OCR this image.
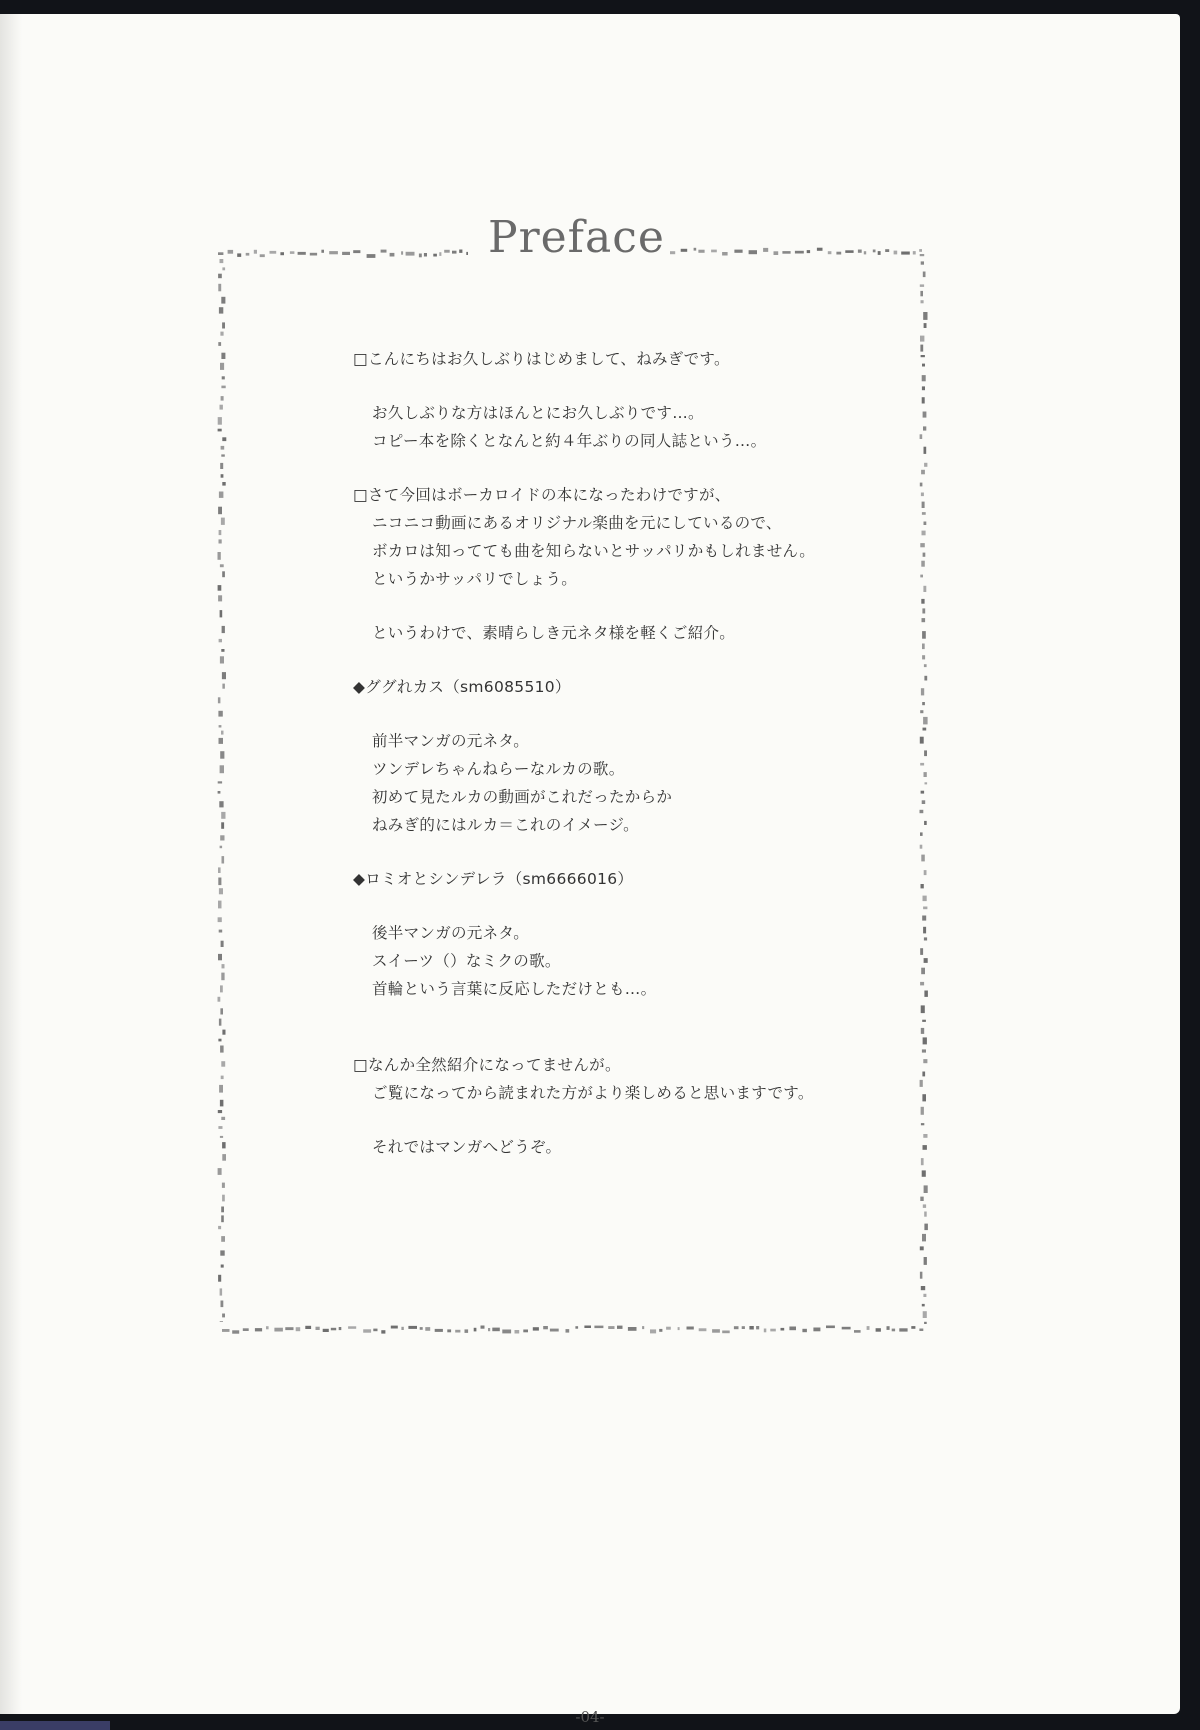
Preface
□こんにちはお久しぶりはじめまして、ねみぎです。
お久しぶりな方はほんとにお久しぶりです…。
コピー本を除くとなんと約４年ぶりの同人誌という…。
□さて今回はボーカロイドの本になったわけですが、
ニコニコ動画にあるオリジナル楽曲を元にしているので、
ボカロは知ってても曲を知らないとサッパリかもしれません。
というかサッパリでしょう。
というわけで、素晴らしき元ネタ様を軽くご紹介。
◆ググれカス（sm6085510）
前半マンガの元ネタ。
ツンデレちゃんねらーなルカの歌。
初めて見たルカの動画がこれだったからか
ねみぎ的にはルカ＝これのイメージ。
◆ロミオとシンデレラ（sm6666016）
後半マンガの元ネタ。
スイーツ（）なミクの歌。
首輪という言葉に反応しただけとも…。
□なんか全然紹介になってませんが。
ご覧になってから読まれた方がより楽しめると思いますです。
それではマンガへどうぞ。
-04-
